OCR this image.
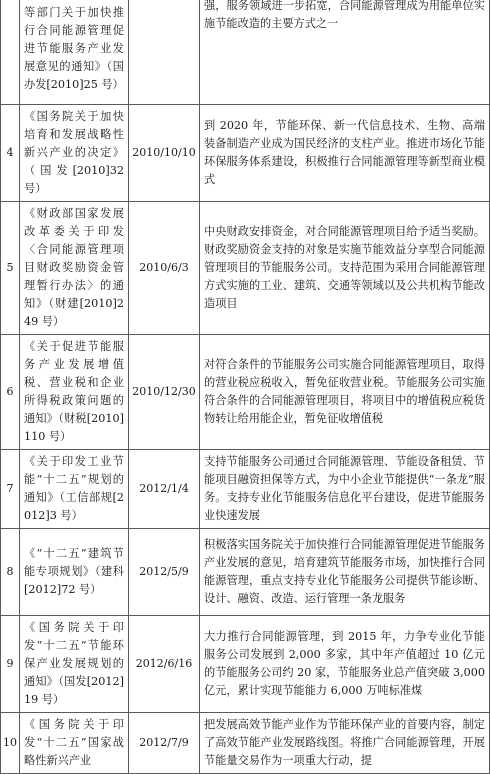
	等部门关于加快推行合同能源管理促进节能服务产业发展意见的通知》（国办发[2010]25 号）		强，服务领域进一步拓宽，合同能源管理成为用能单位实施节能改造的主要方式之一
4	《国务院关于加快培育和发展战略性新兴产业的决定》（国发[2010]32 号）	2010/10/10	到 2020 年，节能环保、新一代信息技术、生物、高端装备制造产业成为国民经济的支柱产业。推进市场化节能环保服务体系建设，积极推行合同能源管理等新型商业模式
5	《财政部国家发展改革委关于印发〈合同能源管理项目财政奖励资金管理暂行办法〉的通知》（财建[2010]249 号）	2010/6/3	中央财政安排资金，对合同能源管理项目给予适当奖励。财政奖励资金支持的对象是实施节能效益分享型合同能源管理项目的节能服务公司。支持范围为采用合同能源管理方式实施的工业、建筑、交通等领域以及公共机构节能改造项目
6	《关于促进节能服务产业发展增值税、营业税和企业所得税政策问题的通知》（财税[2010]110 号）	2010/12/30	对符合条件的节能服务公司实施合同能源管理项目，取得的营业税应税收入，暂免征收营业税。节能服务公司实施符合条件的合同能源管理项目，将项目中的增值税应税货物转让给用能企业，暂免征收增值税
7	《关于印发工业节能“十二五”规划的通知》（工信部规[2012]3 号）	2012/1/4	支持节能服务公司通过合同能源管理、节能设备租赁、节能项目融资担保等方式，为中小企业节能提供“一条龙”服务。支持专业化节能服务信息化平台建设，促进节能服务业快速发展
8	《“十二五”建筑节能专项规划》（建科[2012]72 号）	2012/5/9	积极落实国务院关于加快推行合同能源管理促进节能服务产业发展的意见，培育建筑节能服务市场，加快推行合同能源管理，重点支持专业化节能服务公司提供节能诊断、设计、融资、改造、运行管理一条龙服务
9	《国务院关于印发“十二五”节能环保产业发展规划的通知》（国发[2012]19 号）	2012/6/16	大力推行合同能源管理，到 2015 年，力争专业化节能服务公司发展到 2,000 多家，其中年产值超过 10 亿元的节能服务公司约 20 家，节能服务业总产值突破 3,000 亿元，累计实现节能能力 6,000 万吨标准煤
10	《国务院关于印发“十二五”国家战略性新兴产业	2012/7/9	把发展高效节能产业作为节能环保产业的首要内容，制定了高效节能产业发展路线图。将推广合同能源管理，开展节能量交易作为一项重大行动，提
